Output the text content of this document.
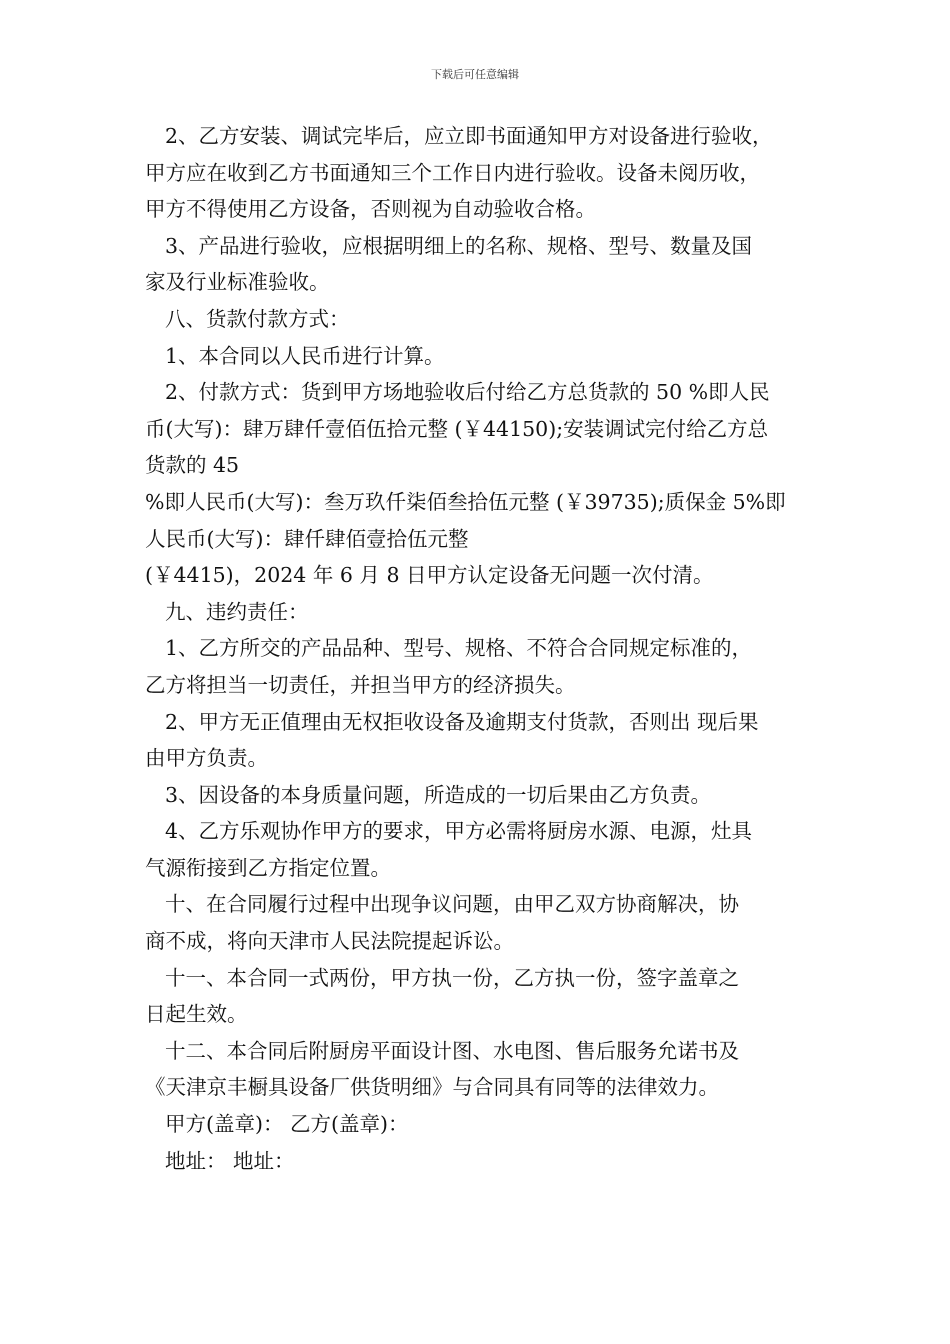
下载后可任意编辑
2、乙方安装、调试完毕后，应立即书面通知甲方对设备进行验收，
甲方应在收到乙方书面通知三个工作日内进行验收。设备未阅历收，
甲方不得使用乙方设备，否则视为自动验收合格。
3、产品进行验收，应根据明细上的名称、规格、型号、数量及国
家及行业标准验收。
八、货款付款方式：
1、本合同以人民币进行计算。
2、付款方式：货到甲方场地验收后付给乙方总货款的 50 %即人民
币(大写)：肆万肆仟壹佰伍拾元整 (￥44150);安装调试完付给乙方总
货款的 45
%即人民币(大写)：叁万玖仟柒佰叁拾伍元整 (￥39735);质保金 5%即
人民币(大写)：肆仟肆佰壹拾伍元整
(￥4415)，2024 年 6 月 8 日甲方认定设备无问题一次付清。
九、违约责任：
1、乙方所交的产品品种、型号、规格、不符合合同规定标准的，
乙方将担当一切责任，并担当甲方的经济损失。
2、甲方无正值理由无权拒收设备及逾期支付货款，否则出 现后果
由甲方负责。
3、因设备的本身质量问题，所造成的一切后果由乙方负责。
4、乙方乐观协作甲方的要求，甲方必需将厨房水源、电源，灶具
气源衔接到乙方指定位置。
十、在合同履行过程中出现争议问题，由甲乙双方协商解决，协
商不成，将向天津市人民法院提起诉讼。
十一、本合同一式两份，甲方执一份，乙方执一份，签字盖章之
日起生效。
十二、本合同后附厨房平面设计图、水电图、售后服务允诺书及
《天津京丰橱具设备厂供货明细》与合同具有同等的法律效力。
甲方(盖章)： 乙方(盖章)：
地址： 地址：
